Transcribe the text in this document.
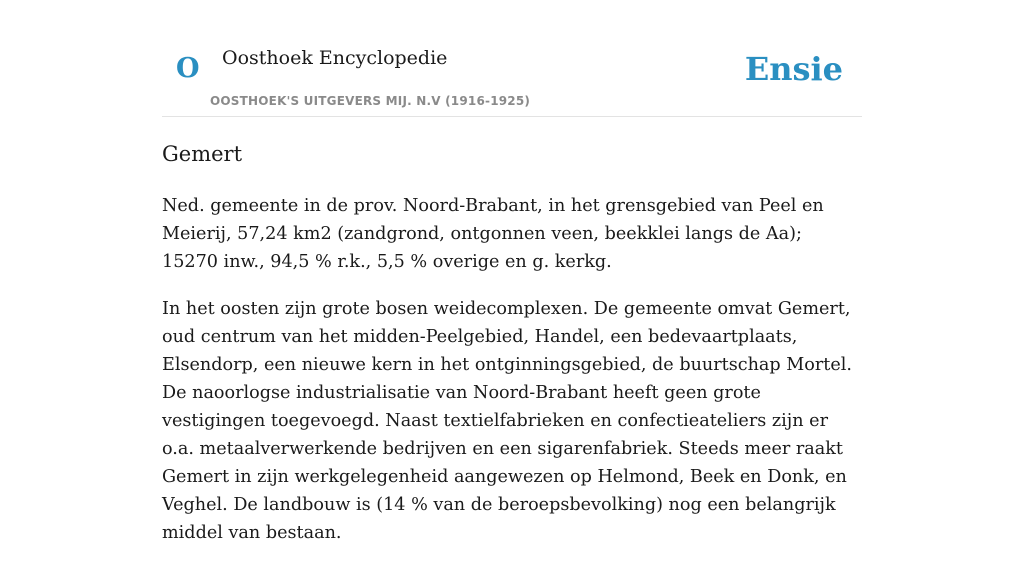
O Oosthoek Encyclopedie
OOSTHOEK'S UITGEVERS MIJ. N.V (1916-1925)
Ensie
Gemert

Ned. gemeente in de prov. Noord-Brabant, in het grensgebied van Peel en Meierij, 57,24 km2 (zandgrond, ontgonnen veen, beekklei langs de Aa); 15270 inw., 94,5 % r.k., 5,5 % overige en g. kerkg.

In het oosten zijn grote bosen weidecomplexen. De gemeente omvat Gemert, oud centrum van het midden-Peelgebied, Handel, een bedevaartplaats, Elsendorp, een nieuwe kern in het ontginningsgebied, de buurtschap Mortel. De naoorlogse industrialisatie van Noord-Brabant heeft geen grote vestigingen toegevoegd. Naast textielfabrieken en confectieateliers zijn er o.a. metaalverwerkende bedrijven en een sigarenfabriek. Steeds meer raakt Gemert in zijn werkgelegenheid aangewezen op Helmond, Beek en Donk, en Veghel. De landbouw is (14 % van de beroepsbevolking) nog een belangrijk middel van bestaan.
